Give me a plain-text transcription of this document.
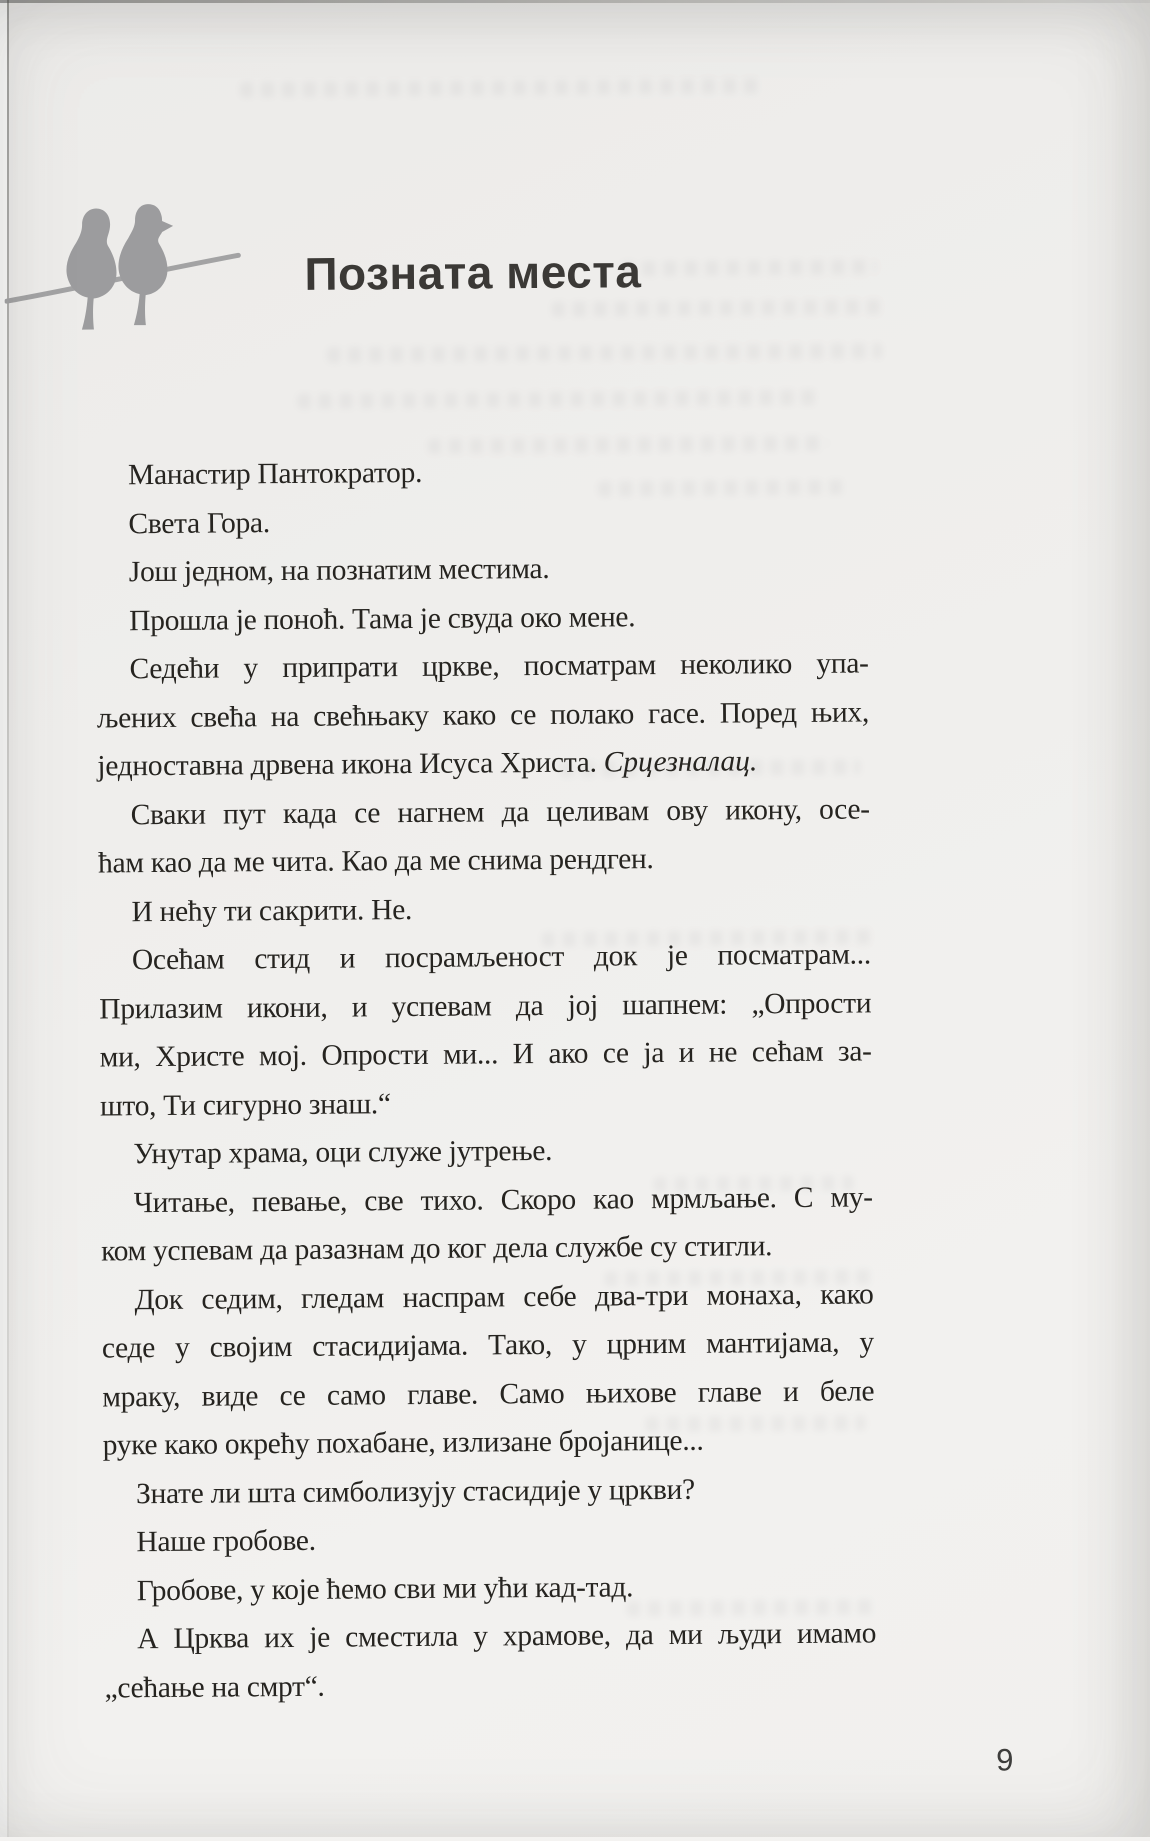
Позната места
Манастир Пантократор.
Света Гора.
Још једном, на познатим местима.
Прошла је поноћ. Тама је свуда око мене.
Седећи у припрати цркве, посматрам неколико упа-
љених свећа на свећњаку како се полако гасе. Поред њих,
једноставна дрвена икона Исуса Христа. Срцезналац.
Сваки пут када се нагнем да целивам ову икону, осе-
ћам као да ме чита. Као да ме снима рендген.
И нећу ти сакрити. Не.
Осећам стид и посрамљеност док је посматрам...
Прилазим икони, и успевам да јој шапнем: „Опрости
ми, Христе мој. Опрости ми... И ако се ја и не сећам за-
што, Ти сигурно знаш.“
Унутар храма, оци служе јутрење.
Читање, певање, све тихо. Скоро као мрмљање. С му-
ком успевам да разазнам до ког дела службе су стигли.
Док седим, гледам наспрам себе два-три монаха, како
седе у својим стасидијама. Тако, у црним мантијама, у
мраку, виде се само главе. Само њихове главе и беле
руке како окрећу похабане, излизане бројанице...
Знате ли шта симболизују стасидије у цркви?
Наше гробове.
Гробове, у које ћемо сви ми ући кад-тад.
А Црква их је сместила у храмове, да ми људи имамо
„сећање на смрт“.
9
